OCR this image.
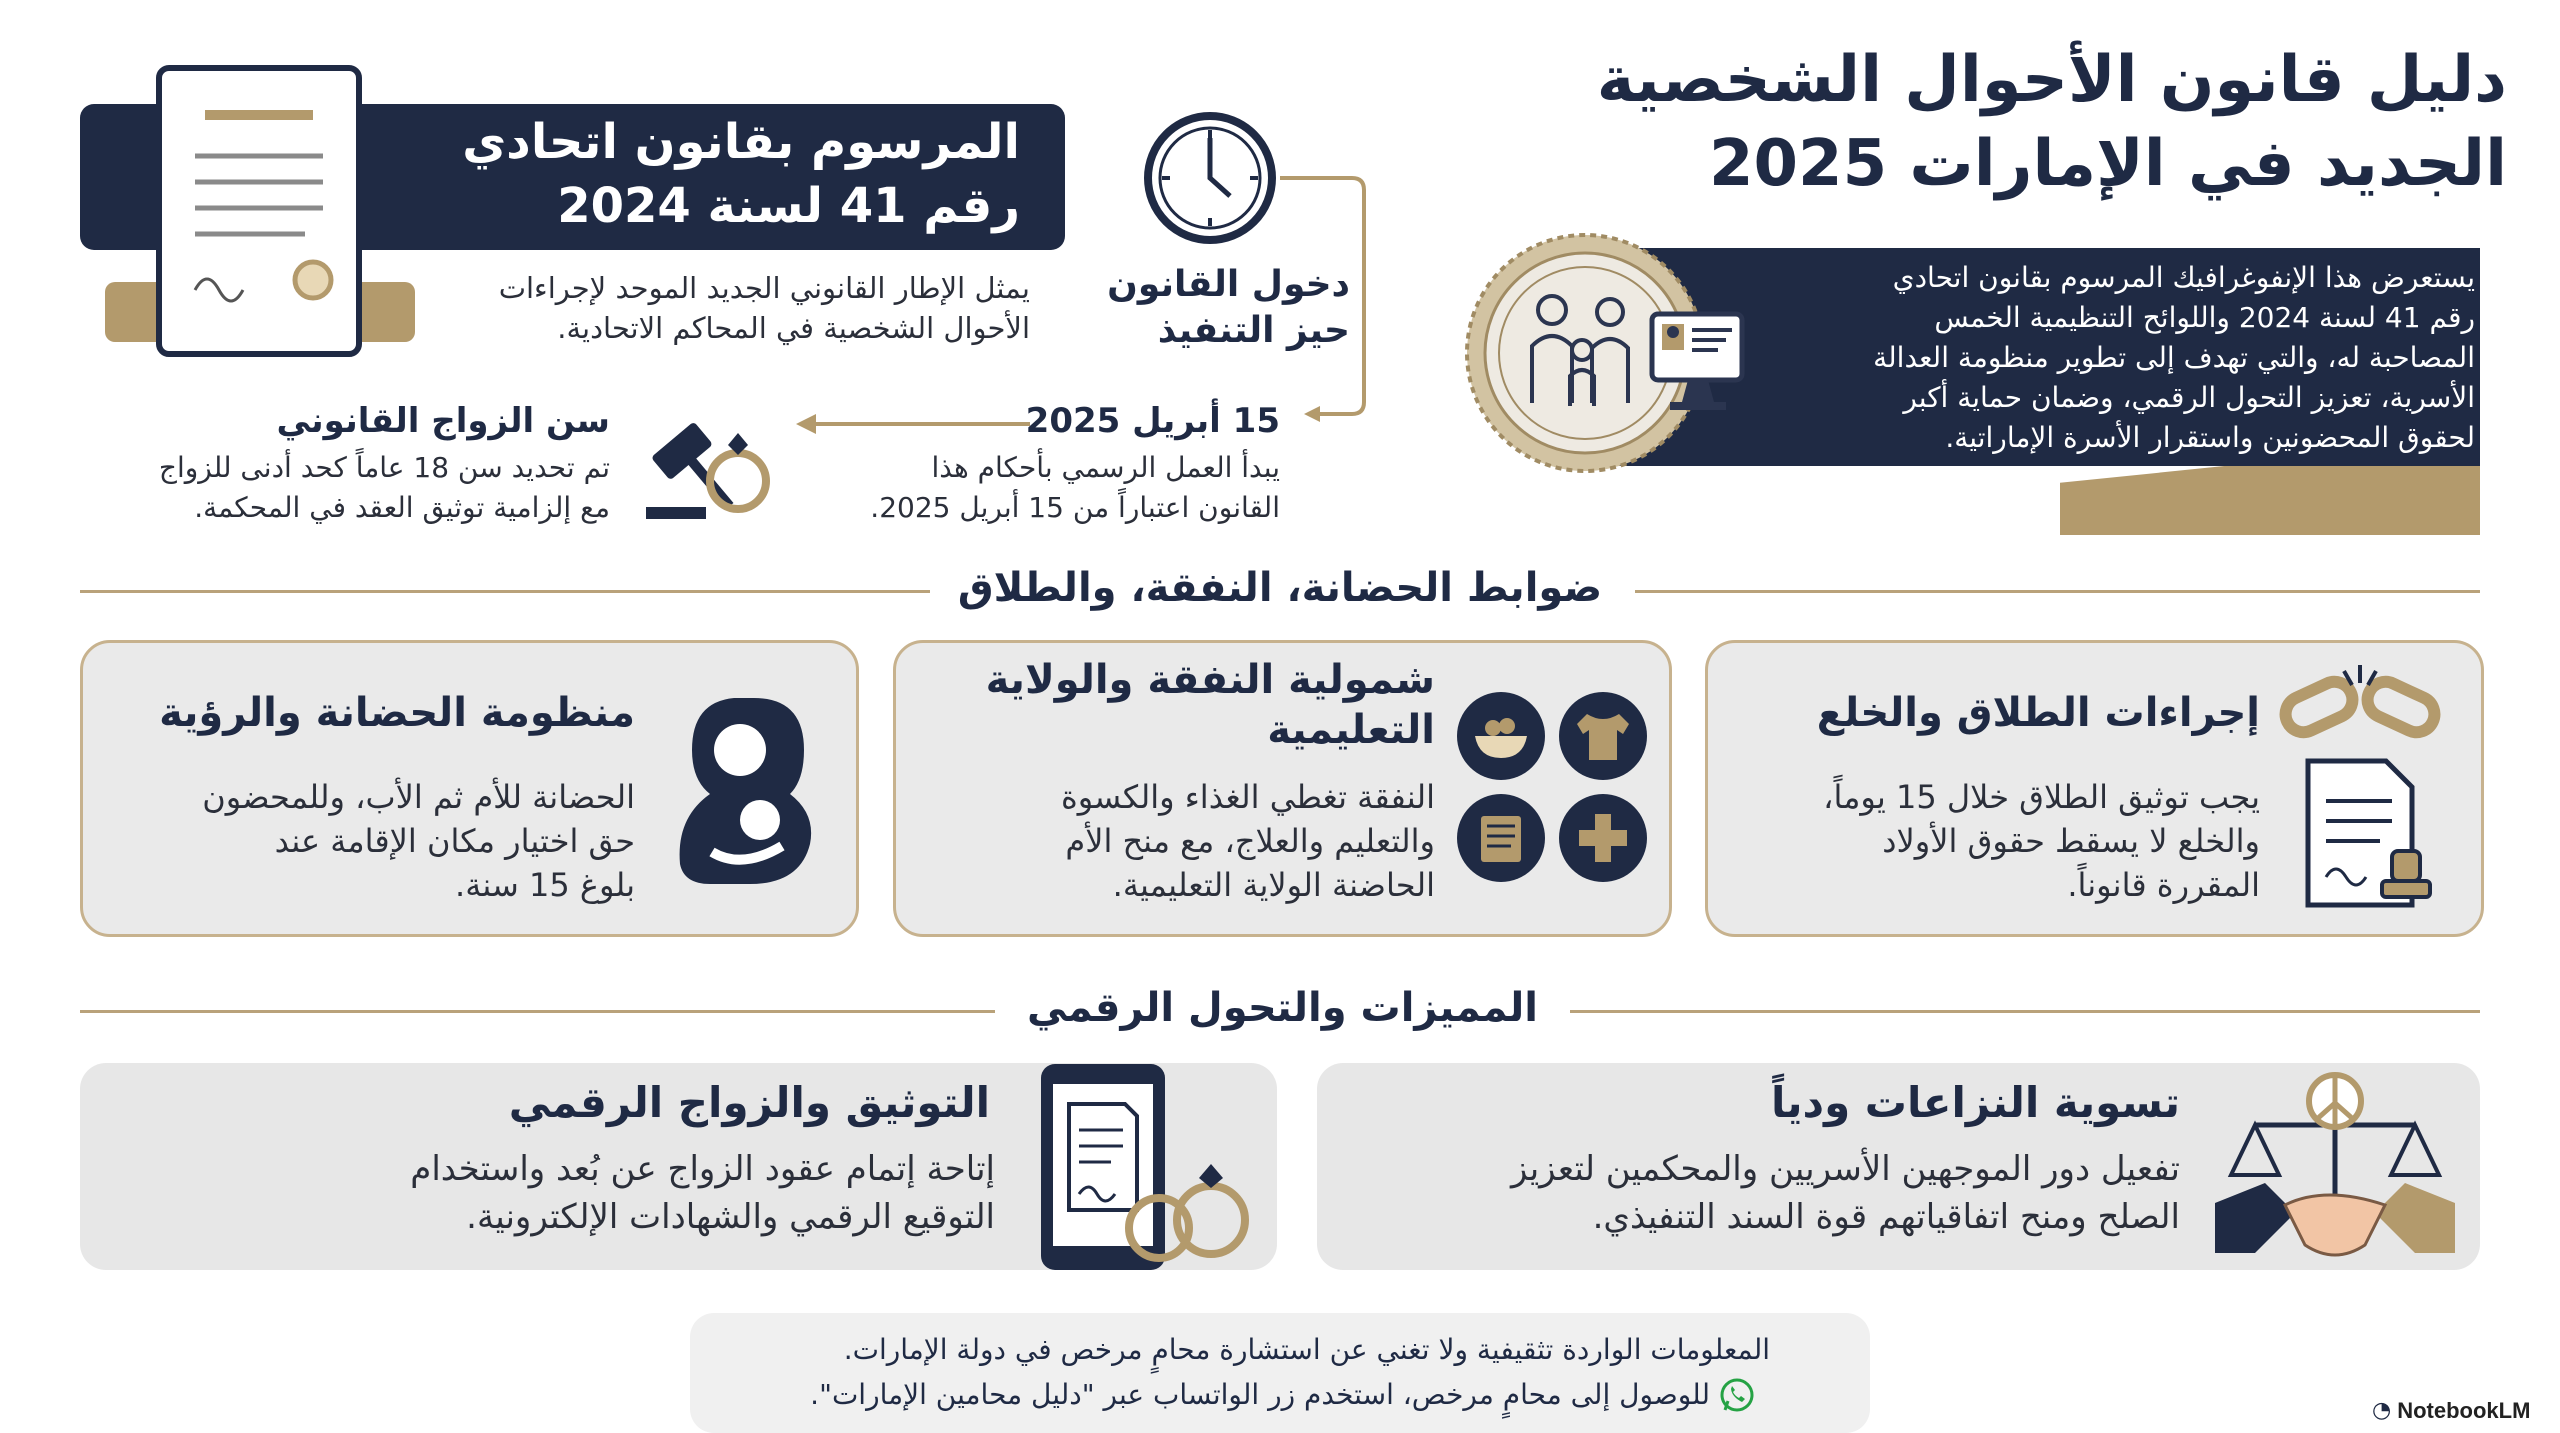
دليل قانون الأحوال الشخصية
الجديد في الإمارات 2025
يستعرض هذا الإنفوغرافيك المرسوم بقانون اتحادي
رقم 41 لسنة 2024 واللوائح التنظيمية الخمس
المصاحبة له، والتي تهدف إلى تطوير منظومة العدالة
الأسرية، تعزيز التحول الرقمي، وضمان حماية أكبر
لحقوق المحضونين واستقرار الأسرة الإماراتية.
المرسوم بقانون اتحادي
رقم 41 لسنة 2024
يمثل الإطار القانوني الجديد الموحد لإجراءات
الأحوال الشخصية في المحاكم الاتحادية.
دخول القانون
حيز التنفيذ
15 أبريل 2025
يبدأ العمل الرسمي بأحكام هذا
القانون اعتباراً من 15 أبريل 2025.
سن الزواج القانوني
تم تحديد سن 18 عاماً كحد أدنى للزواج
مع إلزامية توثيق العقد في المحكمة.
ضوابط الحضانة، النفقة، والطلاق
إجراءات الطلاق والخلع
يجب توثيق الطلاق خلال 15 يوماً،
والخلع لا يسقط حقوق الأولاد
المقررة قانوناً.
شمولية النفقة والولاية
التعليمية
النفقة تغطي الغذاء والكسوة
والتعليم والعلاج، مع منح الأم
الحاضنة الولاية التعليمية.
منظومة الحضانة والرؤية
الحضانة للأم ثم الأب، وللمحضون
حق اختيار مكان الإقامة عند
بلوغ 15 سنة.
المميزات والتحول الرقمي
تسوية النزاعات ودياً
تفعيل دور الموجهين الأسريين والمحكمين لتعزيز
الصلح ومنح اتفاقياتهم قوة السند التنفيذي.
التوثيق والزواج الرقمي
إتاحة إتمام عقود الزواج عن بُعد واستخدام
التوقيع الرقمي والشهادات الإلكترونية.
المعلومات الواردة تثقيفية ولا تغني عن استشارة محامٍ مرخص في دولة الإمارات.
للوصول إلى محامٍ مرخص، استخدم زر الواتساب عبر "دليل محامين الإمارات".	◔ NotebookLM
